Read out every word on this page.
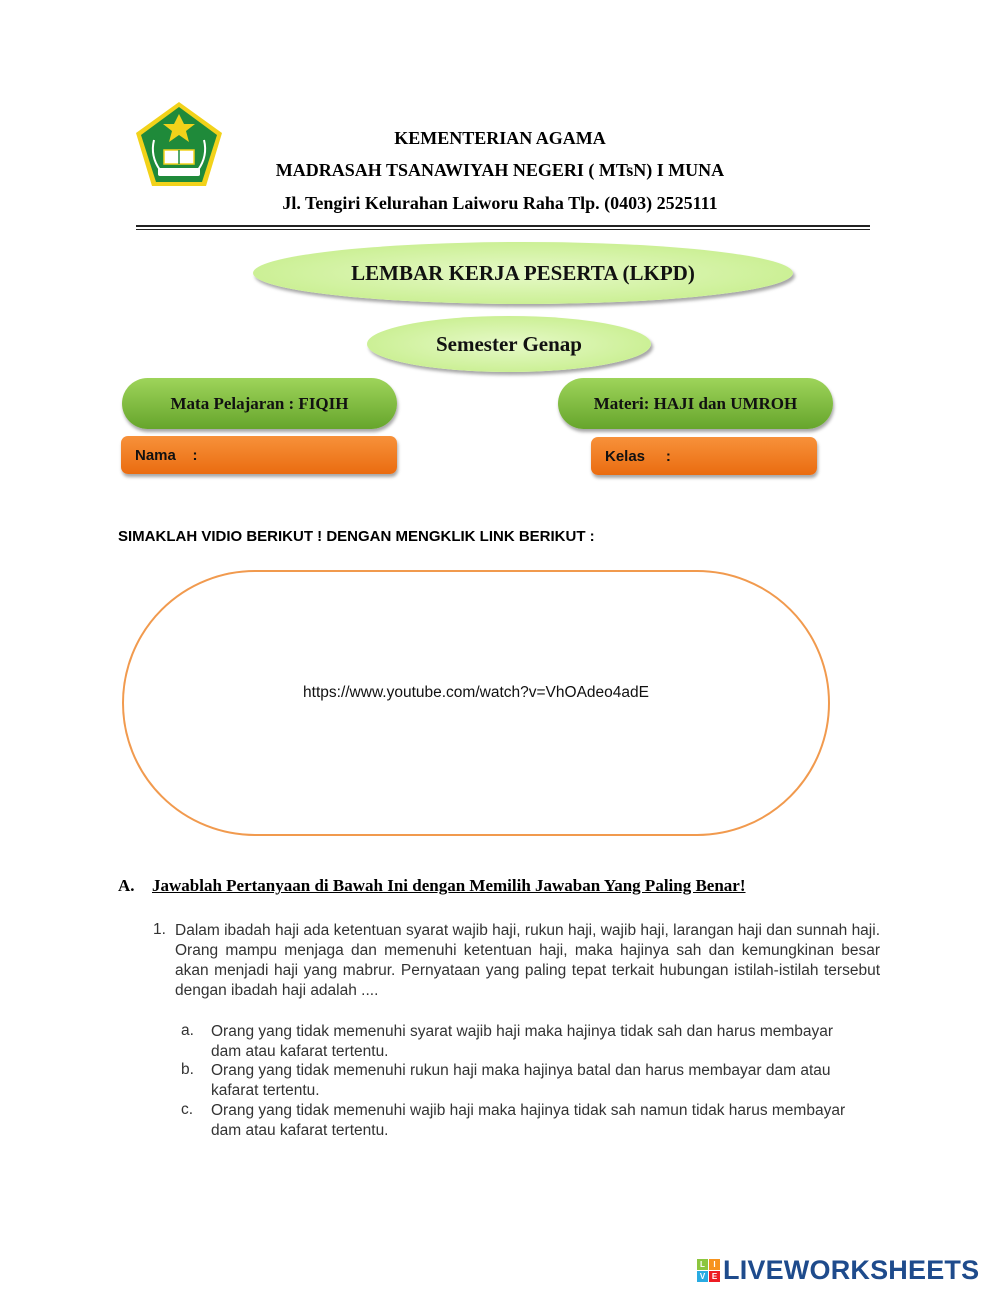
KEMENTERIAN AGAMA
MADRASAH TSANAWIYAH NEGERI ( MTsN) I MUNA
Jl. Tengiri Kelurahan Laiworu Raha Tlp. (0403) 2525111
LEMBAR KERJA PESERTA (LKPD)
Semester Genap
Mata Pelajaran : FIQIH	Materi: HAJI dan UMROH
Nama    :	Kelas     :
SIMAKLAH VIDIO BERIKUT ! DENGAN MENGKLIK LINK BERIKUT :
https://www.youtube.com/watch?v=VhOAdeo4adE
A. Jawablah Pertanyaan di Bawah Ini dengan Memilih Jawaban Yang Paling Benar!
1. Dalam ibadah haji ada ketentuan syarat wajib haji, rukun haji, wajib haji, larangan haji dan sunnah haji. Orang mampu menjaga dan memenuhi ketentuan haji, maka hajinya sah dan kemungkinan besar akan menjadi haji yang mabrur. Pernyataan yang paling tepat terkait hubungan istilah-istilah tersebut dengan ibadah haji adalah ....
a. Orang yang tidak memenuhi syarat wajib haji maka hajinya tidak sah dan harus membayar dam atau kafarat tertentu.
b. Orang yang tidak memenuhi rukun haji maka hajinya batal dan harus membayar dam atau kafarat tertentu.
c. Orang yang tidak memenuhi wajib haji maka hajinya tidak sah namun tidak harus membayar dam atau kafarat tertentu.
L	I
V E LIVEWORKSHEETS
